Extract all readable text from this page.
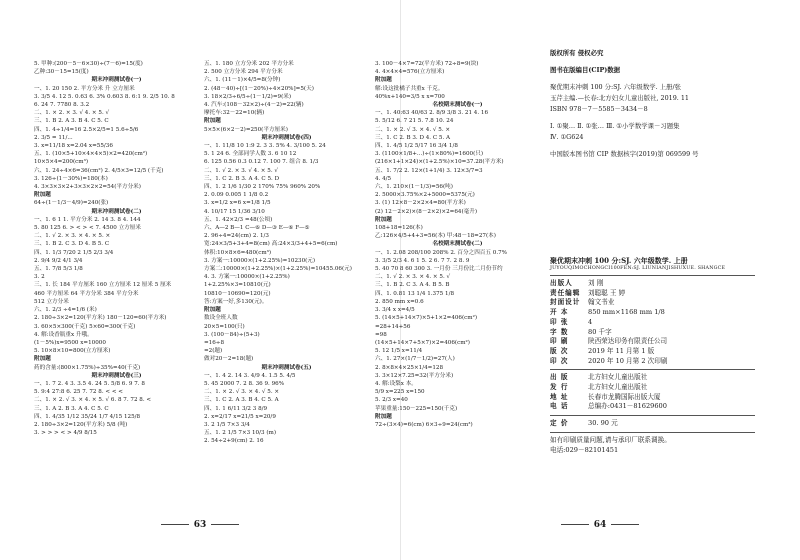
5. 甲种:(200－5－6×30)÷(7－6)=15(度)
乙种:30－15=15(度)
期末冲刺测试卷(一)
一、1. 20 150 2. 平方分米 升 立方厘米
3. 3/5 4. 12 5. 0.63 6. 3% 0.603 8. 6:1 9. 2/5 10. 8
6. 24 7. 7780 8. 3.2
二、1. × 2. × 3. √ 4. × 5. √
三、1. B 2. A 3. B 4. C 5. C
四、1. 4÷1/4=16 2.5×2/5=1 5.6÷5/6
2. 3/5 = 11/...
3. x=11/18 x=2.04 x=55/36
五、1. (10×5+10×4×4×5)×2=420(cm²)
10×5×4=200(cm³)
六、1. 24÷4×6=36(cm²) 2. 4/5×3=12/5 (千克)
3. 126÷(1－30%)=180(本)
4. 3×3×3×2+3×3×2×2=54(平方分米)
附加题
64÷(1－1/3－4/9)=240(张)
期末冲刺测试卷(二)
一、1. 6 1 1. 平方分米 2. 14 3. 8 4. 144
5. 80 125 6. > < > < 7. 4500 立方厘米
二、1. √ 2. × 3. × 4. × 5. ×
三、1. B 2. C 3. D 4. B 5. C
四、1. 1/3 7/20 2 1/5 2/3 3/4
2. 9/4 9/2 4/1 3/4
五、1. 7/8 5/3 1/8
3. 2
三、1. 长 184 平方厘米 160 立方厘米 12 厘米 5 厘米
460 平方厘米 64 平方分米 384 平方分米
512 立方分米
六、1. 2/3 ÷4=1/6 (米)
2. 180÷3×2=120(平方米) 180－120=60(平方米)
3. 60×5×300(千克) 5×60=300(千克)
4. 解:设香瓶重x 升哦。
(1－5%)x=9500 x=10000
5. 10×8×10=800(立方厘米)
附加题
药的含量:(800×1.75%)÷35%=40(千克)
期末冲刺测试卷(三)
一、1. 7 2. 4 3. 3.5 4. 24 5. 5/8 6. 9 7. 8
5. 9:4 27:8 6. 25 7. 72 8. < < <
二、1. × 2. √ 3. × 4. × 5. √ 6. 8 7. 72 8. <
三、1. A 2. B 3. A 4. C 5. C
四、1. 4/35 1/12 35/24 1/7 4/15 125/8
2. 180÷3×2=120(平方米) 5/8 (吨)
3. > > > < > 4/9 8/15
五、1. 180 立方分米 202 平方分米
2. 500 立方分米 294 平方分米
六、1. (11－1)×4/5=8(分钟)
2. (48－40)÷[(1－20%)÷4×20%]=5(天)
3. 18×2/3÷6/5÷(1－1/2)=9(米)
4. 汽车:(108－32×2)÷(4－2)=22(辆)
摩托车:32－22=10(辆)
附加题
5×5×(6×2－2)=250(平方厘米)
期末冲刺测试卷(四)
一、1. 11/8 10 1:9 2. 3 3. 5% 4. 3/100 5. 24
5. 1 24 6. 全部同学人数 3. 6 10 12
6. 125 0.56 0.3 0.12 7. 100 7. 组合 8. 1/3
二、1. √ 2. × 3. √ 4. × 5. √
三、1. C 2. B 3. A 4. C 5. D
四、1. 2 1/6 1/30 2 170% 75% 960% 20%
2. 0.09 0.005 1 1/8 0.2
3. x=1/2 x=6 x=1/8 1/5
4. 10/17 15 1/36 3/10
五、1. 42×2/3 =48(公顷)
六、A—2 B—1 C—⑥ D—③ E—⑥ F—⑤
2. 96÷4=24(cm) 2. 1/3
宽:24×3/5+3+4=8(cm) 高:24×3/3+4+5=6(cm)
体积:10×8×6=480(cm³)
3. 方案一:10000×(1+2.25%)=10230(元)
方案二:10000×(1+2.25%)×(1+2.25%)=10455.06(元)
4. 3. 方案一:10000×(1+2.25%)
1+2.25%×3=10810(元)
10810－10690=120(元)
答:方案一好,多130(元)。
附加题
数设全班人数
20×5=100(只)
3. (100－84)÷(5+3)
=16÷8
=2(题)
做对20－2=18(题)
期末冲刺测试卷(五)
一、1. 4 2. 14 3. 4/9 4. 1.5 5. 4/5
5. 45 2000 7. 2 8. 36 9. 96%
二、1. × 2. √ 3. × 4. √ 5. ×
三、1. C 2. A 3. B 4. C 5. A
四、1. 1 6/11 3/2 3 8/9
2. x=2/17 x=21/5 x=20/9
3. 2 1/5 7×3 3/4
五、1. 2 1/5 7×3 10/3 (m)
2. 54÷2+9(cm) 2. 16
63
3. 100－4×7=72(平方米) 72÷8=9(块)
4. 4×4×4=576(立方厘米)
附加题
解:设这批橘子共重x 千克。
40%x+140=3/5 x x=700
名校期末测试卷(一)
一、1. 40:63 40/63 2. 8/9 3/8 3. 21 4. 16
5. 5/12 6. 7 21 5. 7.8 10. 24
二、1. × 2. √ 3. × 4. √ 5. ×
三、1. C 2. B 3. D 4. C 5. A
四、1. 4/5 1/2 5/17 16 3/4 1/8
3. (1100×1/8+...)÷(1×80%)=1600(只)
(216×1+1×24)×(1+2.5%)×10=37.28(平方米)
五、1. 7/2 2. 12×(1+1/4) 3. 12×3/7=3
4. 4/5
六、1. 210×(1－1/3)=56(吨)
2. 5000×3.75%×2+5000=5375(元)
3. (1) 12×8－2×2×4=80(平方米)
(2) 12－2×2)×(8－2×2)×2=64(毫升)
附加题
108+18=126(本)
乙:126×4/5+4+3=56(本) 甲:48－18=27(本)
名校期末测试卷(二)
一、1. 2.08 208/100 208% 2. 百分之四百五 0.7%
3. 3/5 2/3 4. 6 1 5. 2 6. 7 7. 2 8. 9
5. 40 70 8 60 300 3. 一月份 三月份比二月份节约
二、1. √ 2. × 3. × 4. × 5. √
三、1. B 2. C 3. A 4. B 5. B
四、1. 0.81 13 1/4 1.375 1/8
2. 850 mm x=0.6
3. 3/4 x x=4/5
5. (14×5+14×7)×5+1×2=406(cm²)
=28+14+56
=98
(14×5+14×7+5×7)×2=406(cm²)
5. 12 1/5 x=11/4
六、1. 27×(1/7－1/2)=27(人)
2. 8×8×4×25×1/4=128
3. 3×12×7.25=32(平方分米)
4. 解:设梨x 本。
5/9 x=225 x=150
5. 2/3 x=40
苹果重量:150－225=150(千克)
附加题
72÷(3×4)=6(cm) 6×3÷9=24(cm³)
版权所有 侵权必究
图书在版编目(CIP)数据
聚优期末冲刺 100 分:SJ. 六年级数学. 上册/张
玉芹主编.—长春:北方妇女儿童出版社, 2019. 11
ISBN 978－7－5585－3434－8
Ⅰ. ①聚… Ⅱ. ①张… Ⅲ. ①小学数学课－习题集
Ⅳ. ①G624
中国版本图书馆 CIP 数据核字(2019)第 069599 号
聚优期末冲刺 100 分:SJ. 六年级数学. 上册
JUYOUQIMOCHONGCI100FEN:SJ. LIUNIANJISHUXUE. SHANGCE
出版人 刘 刚
责任编辑 刘聪聪 王 婷
封面设计 翰文书业
开 本	850 mm×1168 mm 1/8
印 张	4
字 数	80 千字
印 刷	陕西荣达印务有限责任公司
版 次	2019 年 11 月第 1 版
印 次	2020 年 10 月第 2 次印刷
出 版	北方妇女儿童出版社
发 行	北方妇女儿童出版社
地 址	长春市龙腾国际出版大厦
电 话	总编办:0431－81629600
定 价	30. 90 元
如有印刷质量问题,请与承印厂联系调换。
电话:029－82101451
64
